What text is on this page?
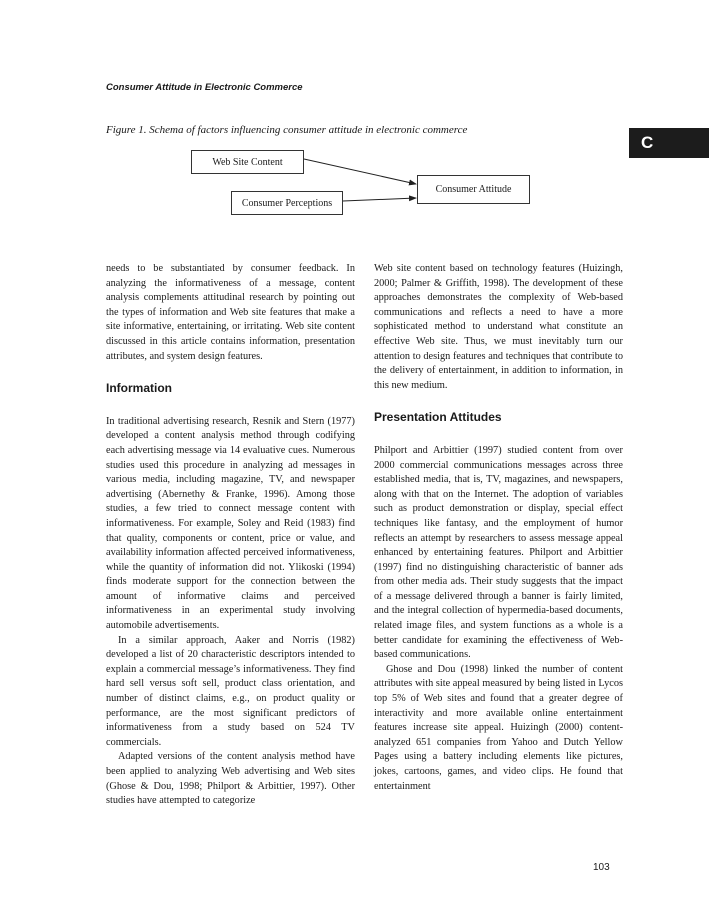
Consumer Attitude in Electronic Commerce
Figure 1. Schema of factors influencing consumer attitude in electronic commerce
C
Web Site Content
Consumer Attitude
Consumer Perceptions

needs to be substantiated by consumer feedback. In analyzing the informativeness of a message, content analysis complements attitudinal research by pointing out the types of information and Web site features that make a site informative, entertaining, or irritating. Web site content discussed in this article contains information, presentation attributes, and system design features.

Information

In traditional advertising research, Resnik and Stern (1977) developed a content analysis method through codifying each advertising message via 14 evaluative cues. Numerous studies used this procedure in analyzing ad messages in various media, including magazine, TV, and newspaper advertising (Abernethy & Franke, 1996). Among those studies, a few tried to connect message content with informativeness. For example, Soley and Reid (1983) find that quality, components or content, price or value, and availability information affected perceived informativeness, while the quantity of information did not. Ylikoski (1994) finds moderate support for the connection between the amount of informative claims and perceived informativeness in an experimental study involving automobile advertisements.

In a similar approach, Aaker and Norris (1982) developed a list of 20 characteristic descriptors intended to explain a commercial message’s informativeness. They find hard sell versus soft sell, product class orientation, and number of distinct claims, e.g., on product quality or performance, are the most significant predictors of informativeness from a study based on 524 TV commercials.

Adapted versions of the content analysis method have been applied to analyzing Web advertising and Web sites (Ghose & Dou, 1998; Philport & Arbittier, 1997). Other studies have attempted to categorize

Web site content based on technology features (Huizingh, 2000; Palmer & Griffith, 1998). The development of these approaches demonstrates the complexity of Web-based communications and reflects a need to have a more sophisticated method to understand what constitute an effective Web site. Thus, we must inevitably turn our attention to design features and techniques that contribute to the delivery of entertainment, in addition to information, in this new medium.

Presentation Attitudes

Philport and Arbittier (1997) studied content from over 2000 commercial communications messages across three established media, that is, TV, magazines, and newspapers, along with that on the Internet. The adoption of variables such as product demonstration or display, special effect techniques like fantasy, and the employment of humor reflects an attempt by researchers to assess message appeal enhanced by entertaining features. Philport and Arbittier (1997) find no distinguishing characteristic of banner ads from other media ads. Their study suggests that the impact of a message delivered through a banner is fairly limited, and the integral collection of hypermedia-based documents, related image files, and system functions as a whole is a better candidate for examining the effectiveness of Web-based communications.

Ghose and Dou (1998) linked the number of content attributes with site appeal measured by being listed in Lycos top 5% of Web sites and found that a greater degree of interactivity and more available online entertainment features increase site appeal. Huizingh (2000) content-analyzed 651 companies from Yahoo and Dutch Yellow Pages using a battery including elements like pictures, jokes, cartoons, games, and video clips. He found that entertainment

103
